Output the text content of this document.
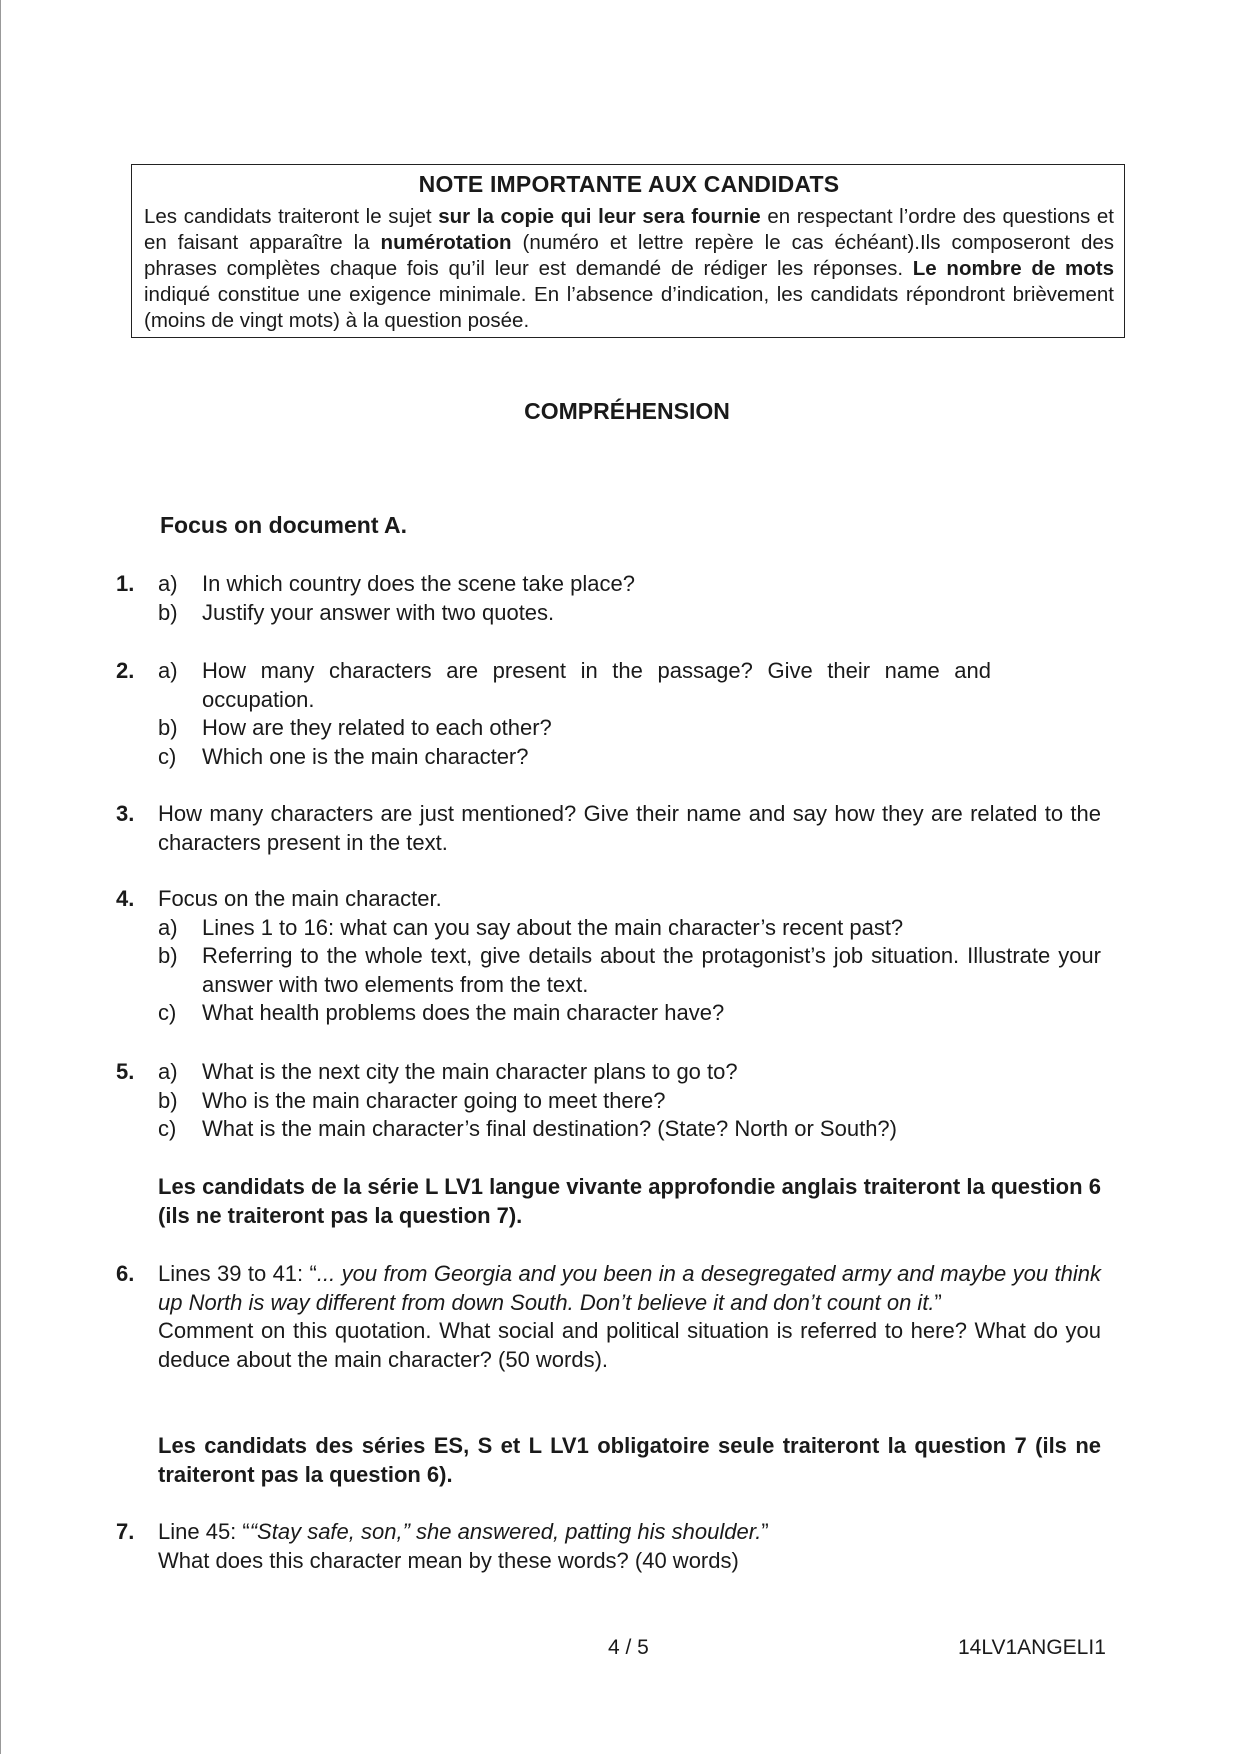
NOTE IMPORTANTE AUX CANDIDATS
Les candidats traiteront le sujet sur la copie qui leur sera fournie en respectant l’ordre des questions et en faisant apparaître la numérotation (numéro et lettre repère le cas échéant).Ils composeront des phrases complètes chaque fois qu’il leur est demandé de rédiger les réponses. Le nombre de mots indiqué constitue une exigence minimale. En l’absence d’indication, les candidats répondront brièvement (moins de vingt mots) à la question posée.
COMPRÉHENSION
Focus on document A.
1. a) In which country does the scene take place?
b) Justify your answer with two quotes.
2. a) How many characters are present in the passage? Give their name and occupation.
b) How are they related to each other?
c) Which one is the main character?
3. How many characters are just mentioned? Give their name and say how they are related to the characters present in the text.
4. Focus on the main character.
a) Lines 1 to 16: what can you say about the main character’s recent past?
b) Referring to the whole text, give details about the protagonist’s job situation. Illustrate your answer with two elements from the text.
c) What health problems does the main character have?
5. a) What is the next city the main character plans to go to?
b) Who is the main character going to meet there?
c) What is the main character’s final destination? (State? North or South?)
Les candidats de la série L LV1 langue vivante approfondie anglais traiteront la question 6 (ils ne traiteront pas la question 7).
6. Lines 39 to 41: “... you from Georgia and you been in a desegregated army and maybe you think up North is way different from down South. Don’t believe it and don’t count on it.”
Comment on this quotation. What social and political situation is referred to here? What do you deduce about the main character? (50 words).
Les candidats des séries ES, S et L LV1 obligatoire seule traiteront la question 7 (ils ne traiteront pas la question 6).
7. Line 45: ““Stay safe, son,” she answered, patting his shoulder.”
What does this character mean by these words? (40 words)
4 / 5	14LV1ANGELI1
